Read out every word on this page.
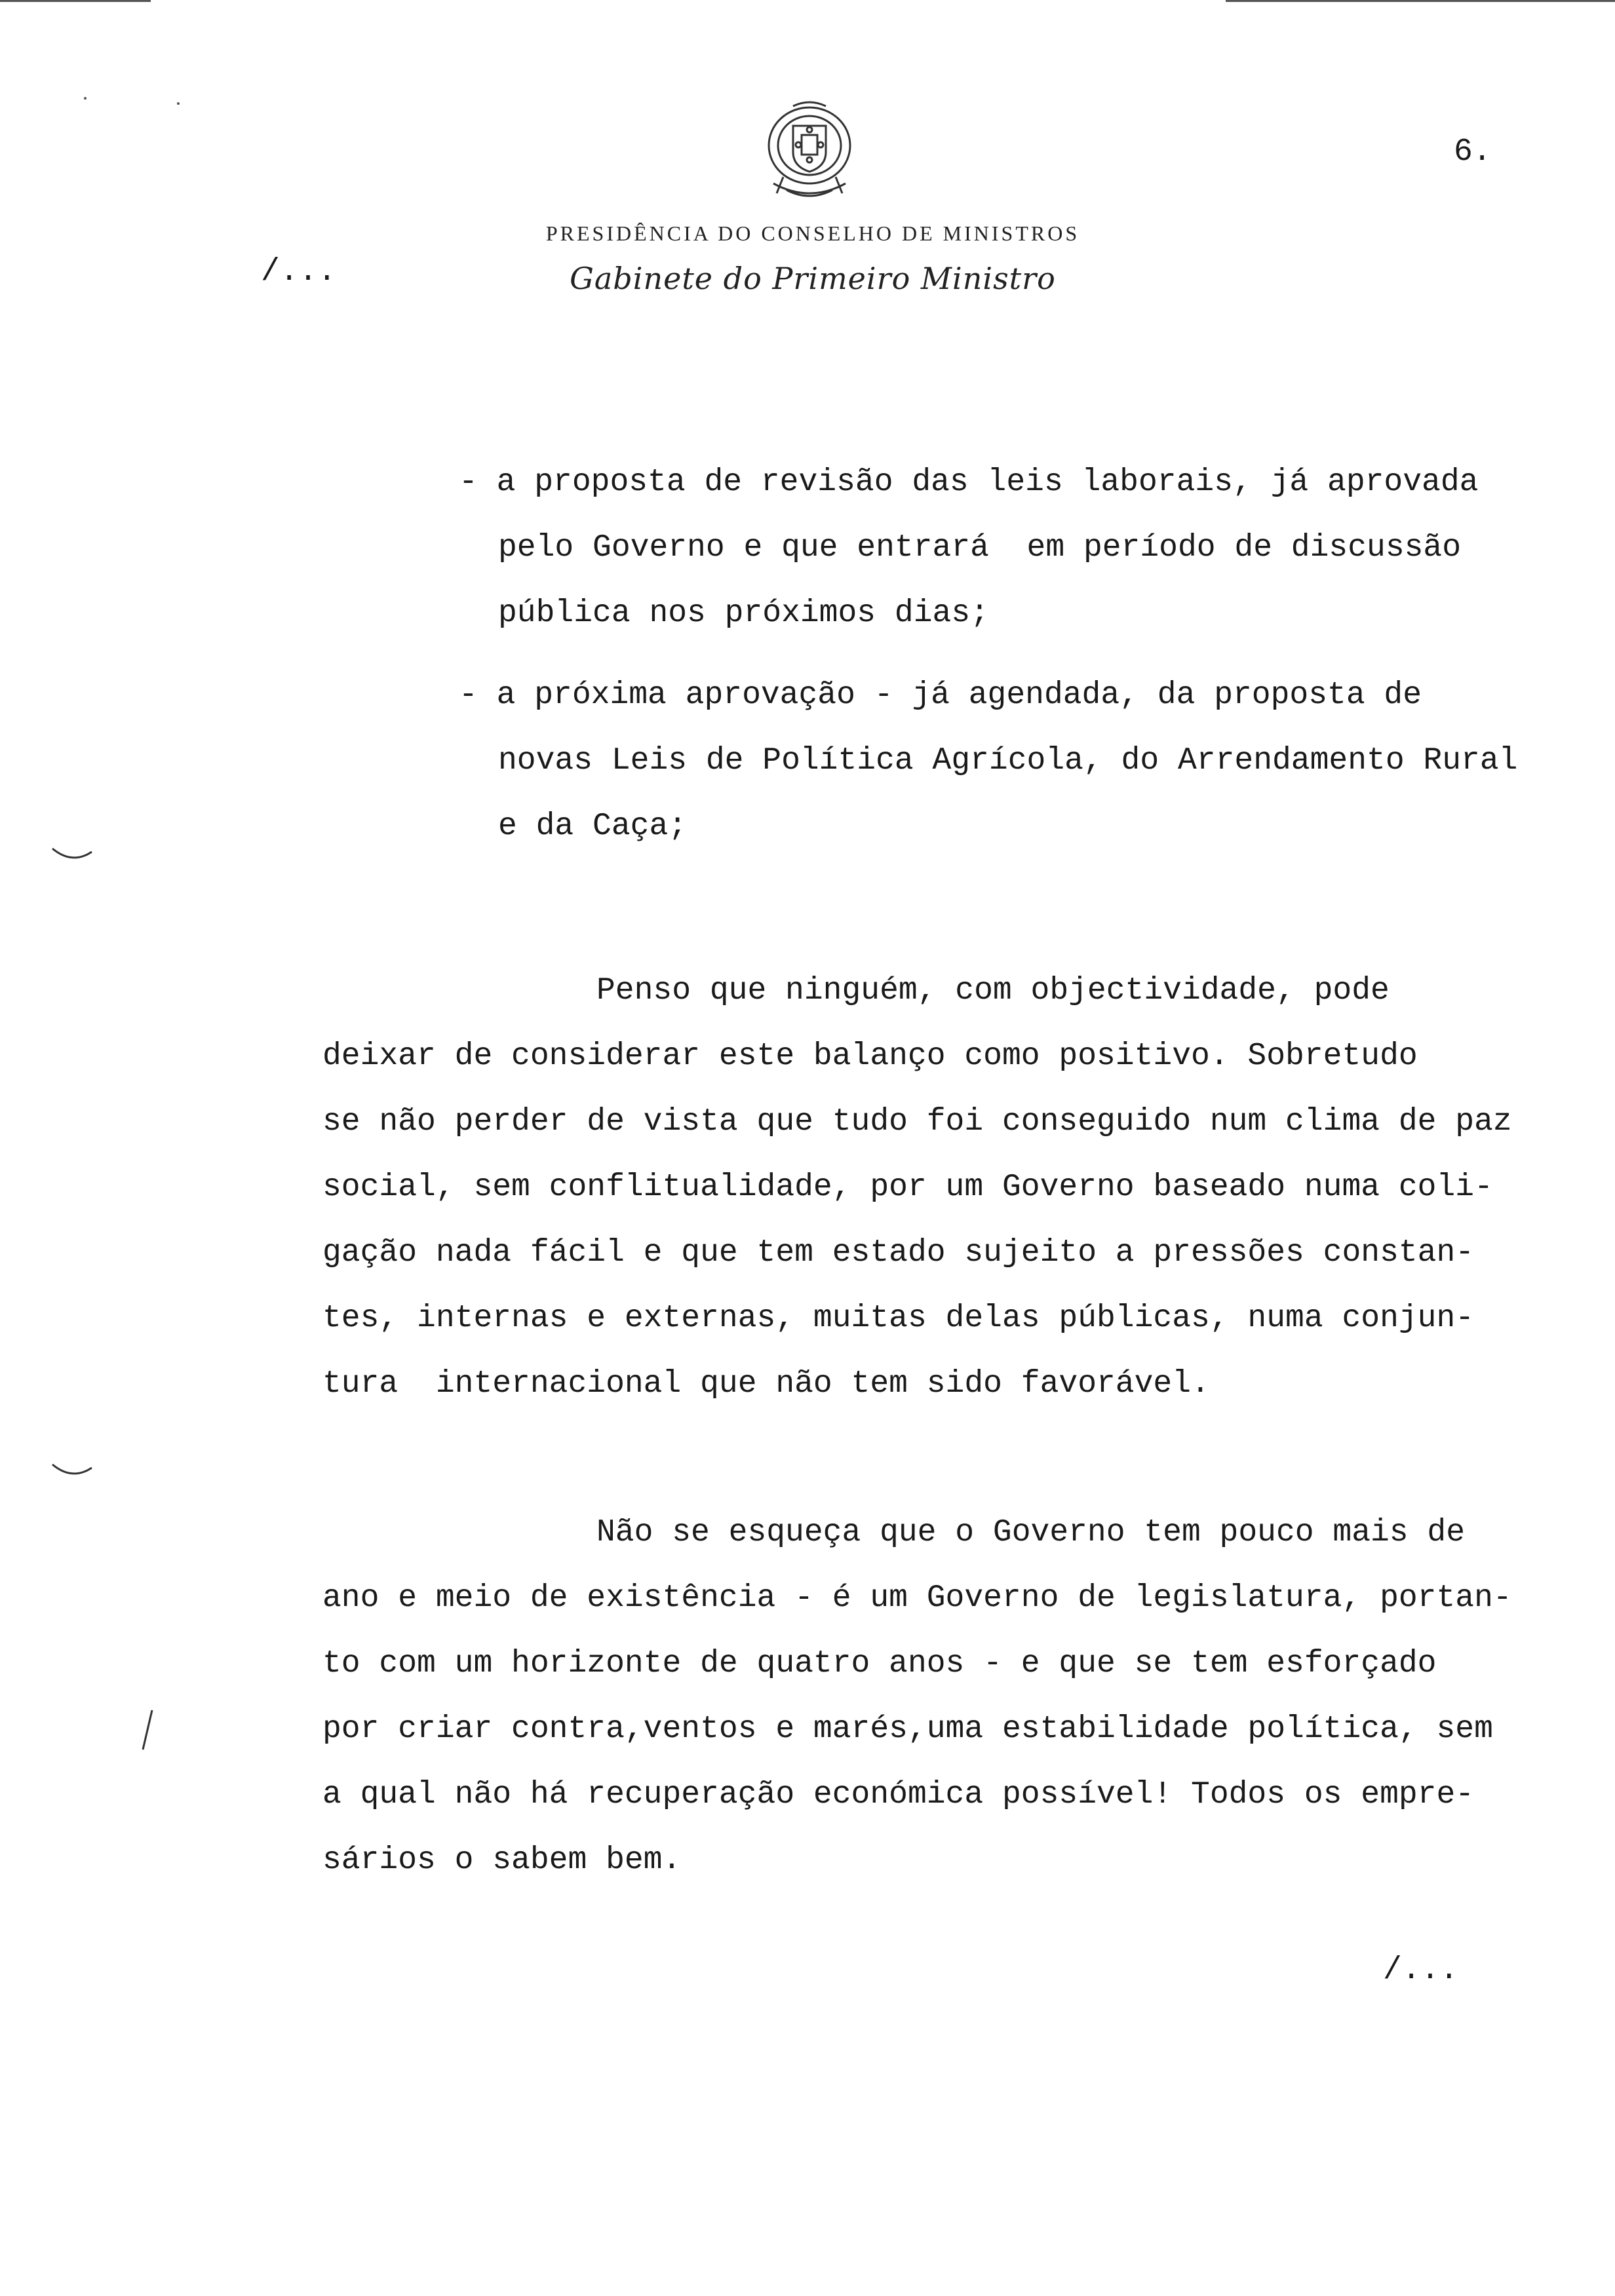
PRESIDÊNCIA DO CONSELHO DE MINISTROS
Gabinete do Primeiro Ministro
6.
/...
- a proposta de revisão das leis laborais, já aprovada
pelo Governo e que entrará  em período de discussão
pública nos próximos dias;
- a próxima aprovação - já agendada, da proposta de
novas Leis de Política Agrícola, do Arrendamento Rural
e da Caça;
Penso que ninguém, com objectividade, pode
deixar de considerar este balanço como positivo. Sobretudo
se não perder de vista que tudo foi conseguido num clima de paz
social, sem conflitualidade, por um Governo baseado numa coli-
gação nada fácil e que tem estado sujeito a pressões constan-
tes, internas e externas, muitas delas públicas, numa conjun-
tura  internacional que não tem sido favorável.
Não se esqueça que o Governo tem pouco mais de
ano e meio de existência - é um Governo de legislatura, portan-
to com um horizonte de quatro anos - e que se tem esforçado
por criar contra,ventos e marés,uma estabilidade política, sem
a qual não há recuperação económica possível! Todos os empre-
sários o sabem bem.
/...
